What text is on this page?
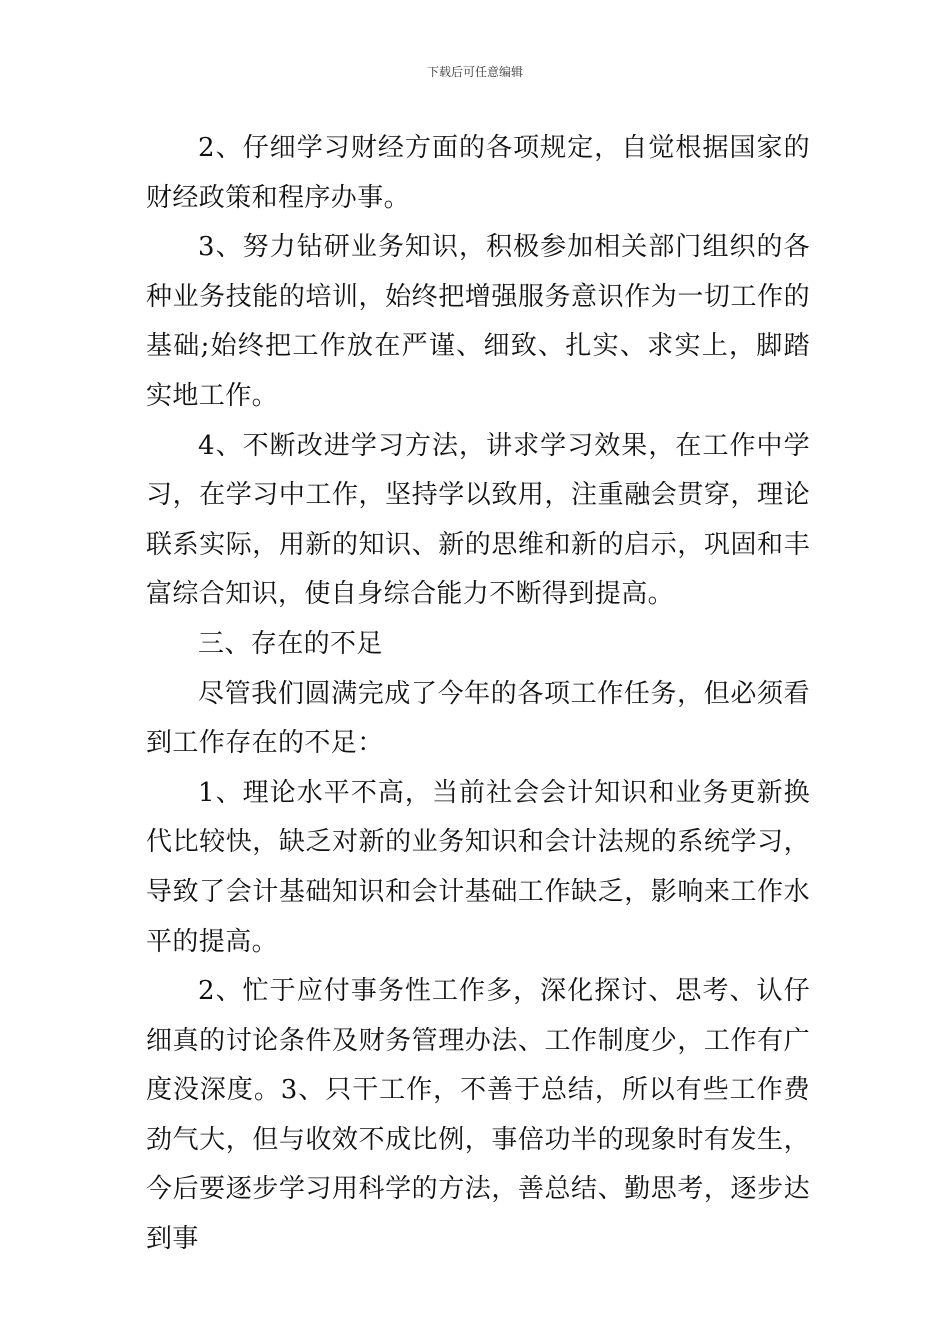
下载后可任意编辑

2、仔细学习财经方面的各项规定，自觉根据国家的财经政策和程序办事。

3、努力钻研业务知识，积极参加相关部门组织的各种业务技能的培训，始终把增强服务意识作为一切工作的基础;始终把工作放在严谨、细致、扎实、求实上，脚踏实地工作。

4、不断改进学习方法，讲求学习效果，在工作中学习，在学习中工作，坚持学以致用，注重融会贯穿，理论联系实际，用新的知识、新的思维和新的启示，巩固和丰富综合知识，使自身综合能力不断得到提高。

三、存在的不足

尽管我们圆满完成了今年的各项工作任务，但必须看到工作存在的不足：

1、理论水平不高，当前社会会计知识和业务更新换代比较快，缺乏对新的业务知识和会计法规的系统学习，导致了会计基础知识和会计基础工作缺乏，影响来工作水平的提高。

2、忙于应付事务性工作多，深化探讨、思考、认仔细真的讨论条件及财务管理办法、工作制度少，工作有广度没深度。3、只干工作，不善于总结，所以有些工作费劲气大，但与收效不成比例，事倍功半的现象时有发生，今后要逐步学习用科学的方法，善总结、勤思考，逐步达到事
